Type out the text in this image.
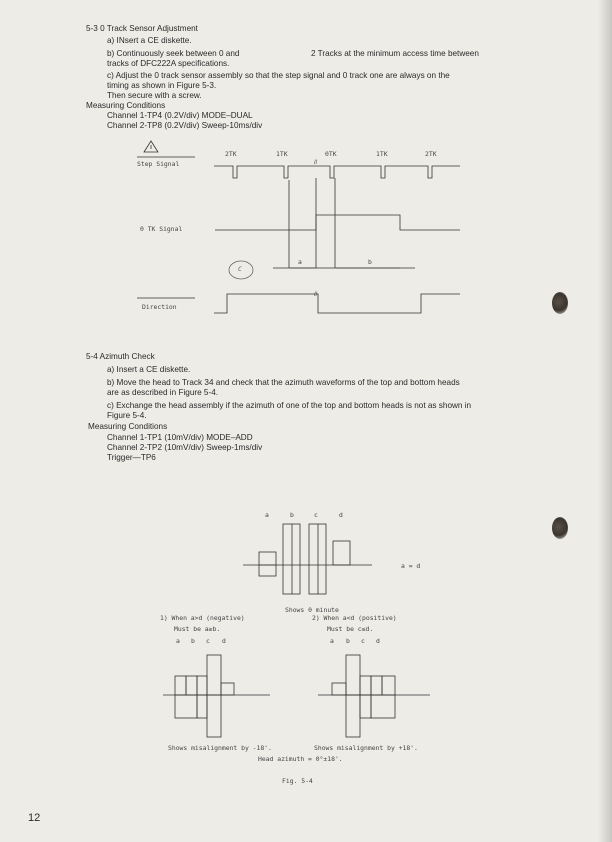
5-3 0 Track Sensor Adjustment
a) INsert a CE diskette.
b) Continuously seek between 0 and	2 Tracks at the minimum access time between
tracks of DFC222A specifications.
c) Adjust the 0 track sensor assembly so that the step signal and 0 track one are always on the
timing as shown in Figure 5-3.
Then secure with a screw.
Measuring Conditions
Channel 1-TP4 (0.2V/div) MODE–DUAL
Channel 2-TP8 (0.2V/div) Sweep-10ms/div
//
//
2TK	1TK	0TK	1TK	2TK
Step Signal
0 TK Signal
a	b
C
Direction
5-4 Azimuth Check
a) Insert a CE diskette.
b) Move the head to Track 34 and check that the azimuth waveforms of the top and bottom heads
are as described in Figure 5-4.
c) Exchange the head assembly if the azimuth of one of the top and bottom heads is not as shown in
Figure 5-4.
Measuring Conditions
Channel 1-TP1 (10mV/div) MODE–ADD
Channel 2-TP2 (10mV/div) Sweep-1ms/div
Trigger—TP6
a	b	c	d
a = d
Shows 0 minute
1) When a>d (negative)
Must be a≥b.
2) When a<d (positive)
Must be c≤d.
a b c d	a b c d
Shows misalignment by -18'.	Shows misalignment by +18'.
Head azimuth = 0°±18'.
Fig. 5-4
12
